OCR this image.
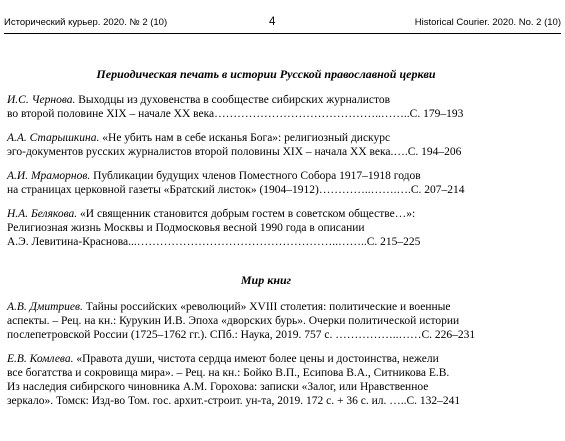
Исторический курьер. 2020. № 2 (10)	4	Historical Courier. 2020. No. 2 (10)
Периодическая печать в истории Русской православной церкви

И.С. Чернова. Выходцы из духовенства в сообществе сибирских журналистов

во второй половине XIX – начале XX века……………………………………..……..С. 179–193

А.А. Старышкина. «Не убить нам в себе исканья Бога»: религиозный дискурс

эго-документов русских журналистов второй половины XIX – начала XX века.….С. 194–206

А.И. Мраморнов. Публикации будущих членов Поместного Собора 1917–1918 годов

на страницах церковной газеты «Братский листок» (1904–1912)…………..…….….С. 207–214

Н.А. Белякова. «И священник становится добрым гостем в советском обществе…»:

Религиозная жизнь Москвы и Подмосковья весной 1990 года в описании

А.Э. Левитина-Краснова...……………………………………………..……..С. 215–225

Мир книг

А.В. Дмитриев. Тайны российских «революций» XVIII столетия: политические и военные

аспекты. – Рец. на кн.: Курукин И.В. Эпоха «дворских бурь». Очерки политической истории

послепетровской России (1725–1762 гг.). СПб.: Наука, 2019. 757 с. ……………..……С. 226–231

Е.В. Комлева. «Правота души, чистота сердца имеют более цены и достоинства, нежели

все богатства и сокровища мира». – Рец. на кн.: Бойко В.П., Есипова В.А., Ситникова Е.В.

Из наследия сибирского чиновника А.М. Горохова: записки «Залог, или Нравственное

зеркало». Томск: Изд-во Том. гос. архит.-строит. ун-та, 2019. 172 с. + 36 с. ил. …..С. 132–241
